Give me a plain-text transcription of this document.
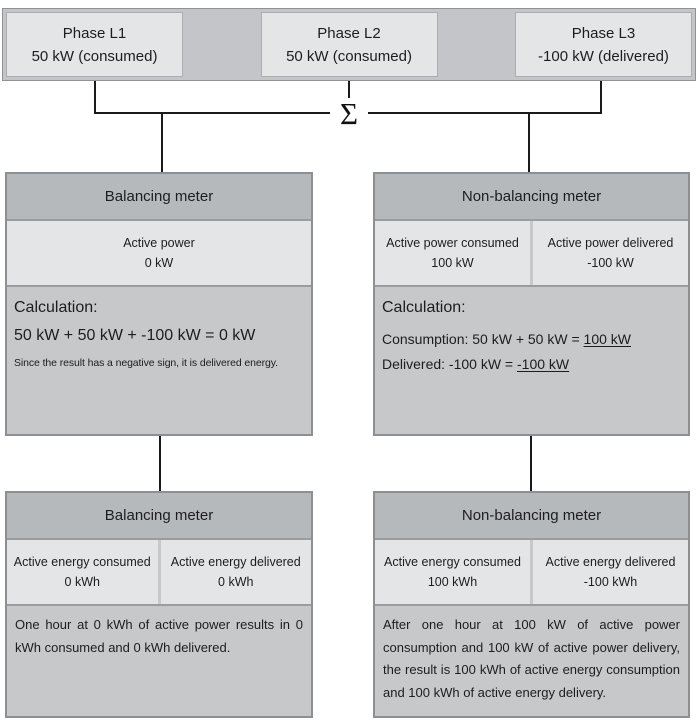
Phase L1
50 kW (consumed)
Phase L2
50 kW (consumed)
Phase L3
-100 kW (delivered)
Σ
Balancing meter
Active power
0 kW
Calculation:
50 kW + 50 kW + -100 kW = 0 kW
Since the result has a negative sign, it is delivered energy.
Non-balancing meter
Active power consumed
100 kW
Active power delivered
-100 kW
Calculation:
Consumption: 50 kW + 50 kW = 100 kW
Delivered: -100 kW = -100 kW
Balancing meter
Active energy consumed
0 kWh
Active energy delivered
0 kWh
One hour at 0 kWh of active power results in 0 kWh consumed and 0 kWh delivered.
Non-balancing meter
Active energy consumed
100 kWh
Active energy delivered
-100 kWh
After one hour at 100 kW of active power consumption and 100 kW of active power delivery, the result is 100 kWh of active energy consumption and 100 kWh of active energy delivery.
